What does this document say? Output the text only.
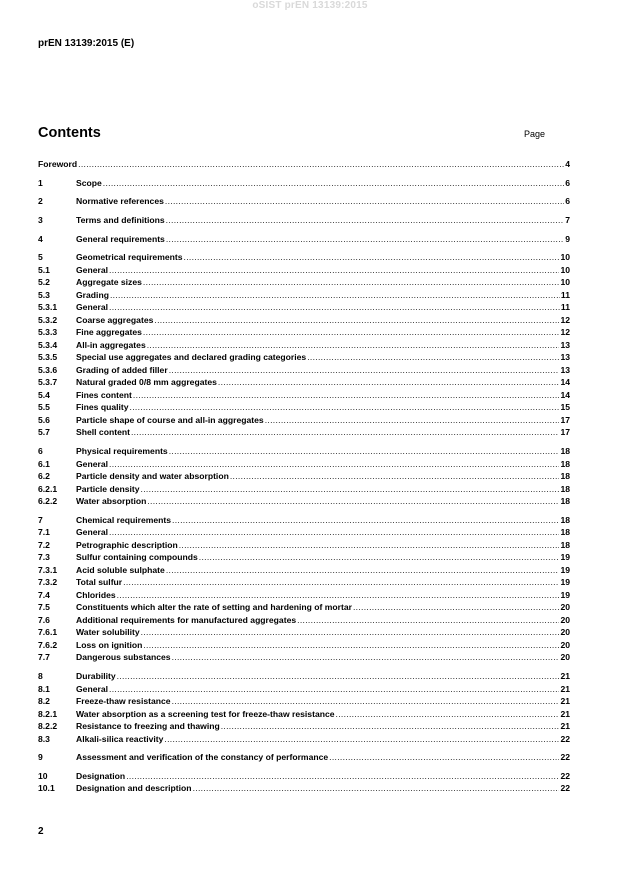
oSIST prEN 13139:2015
prEN 13139:2015 (E)
Contents	Page
Foreword .....	4
1	Scope .....	6
2	Normative references .....	6
3	Terms and definitions .....	7
4	General requirements .....	9
5	Geometrical requirements .....	10
5.1	General .....	10
5.2	Aggregate sizes .....	10
5.3	Grading .....	11
5.3.1	General .....	11
5.3.2	Coarse aggregates .....	12
5.3.3	Fine aggregates .....	12
5.3.4	All-in aggregates .....	13
5.3.5	Special use aggregates and declared grading categories .....	13
5.3.6	Grading of added filler .....	13
5.3.7	Natural graded 0/8 mm aggregates .....	14
5.4	Fines content .....	14
5.5	Fines quality .....	15
5.6	Particle shape of course and all-in aggregates .....	17
5.7	Shell content .....	17
6	Physical requirements .....	18
6.1	General .....	18
6.2	Particle density and water absorption .....	18
6.2.1	Particle density .....	18
6.2.2	Water absorption .....	18
7	Chemical requirements .....	18
7.1	General .....	18
7.2	Petrographic description .....	18
7.3	Sulfur containing compounds .....	19
7.3.1	Acid soluble sulphate .....	19
7.3.2	Total sulfur .....	19
7.4	Chlorides .....	19
7.5	Constituents which alter the rate of setting and hardening of mortar .....	20
7.6	Additional requirements for manufactured aggregates .....	20
7.6.1	Water solubility .....	20
7.6.2	Loss on ignition .....	20
7.7	Dangerous substances .....	20
8	Durability .....	21
8.1	General .....	21
8.2	Freeze-thaw resistance .....	21
8.2.1	Water absorption as a screening test for freeze-thaw resistance .....	21
8.2.2	Resistance to freezing and thawing .....	21
8.3	Alkali-silica reactivity .....	22
9	Assessment and verification of the constancy of performance .....	22
10	Designation .....	22
10.1	Designation and description .....	22
2
